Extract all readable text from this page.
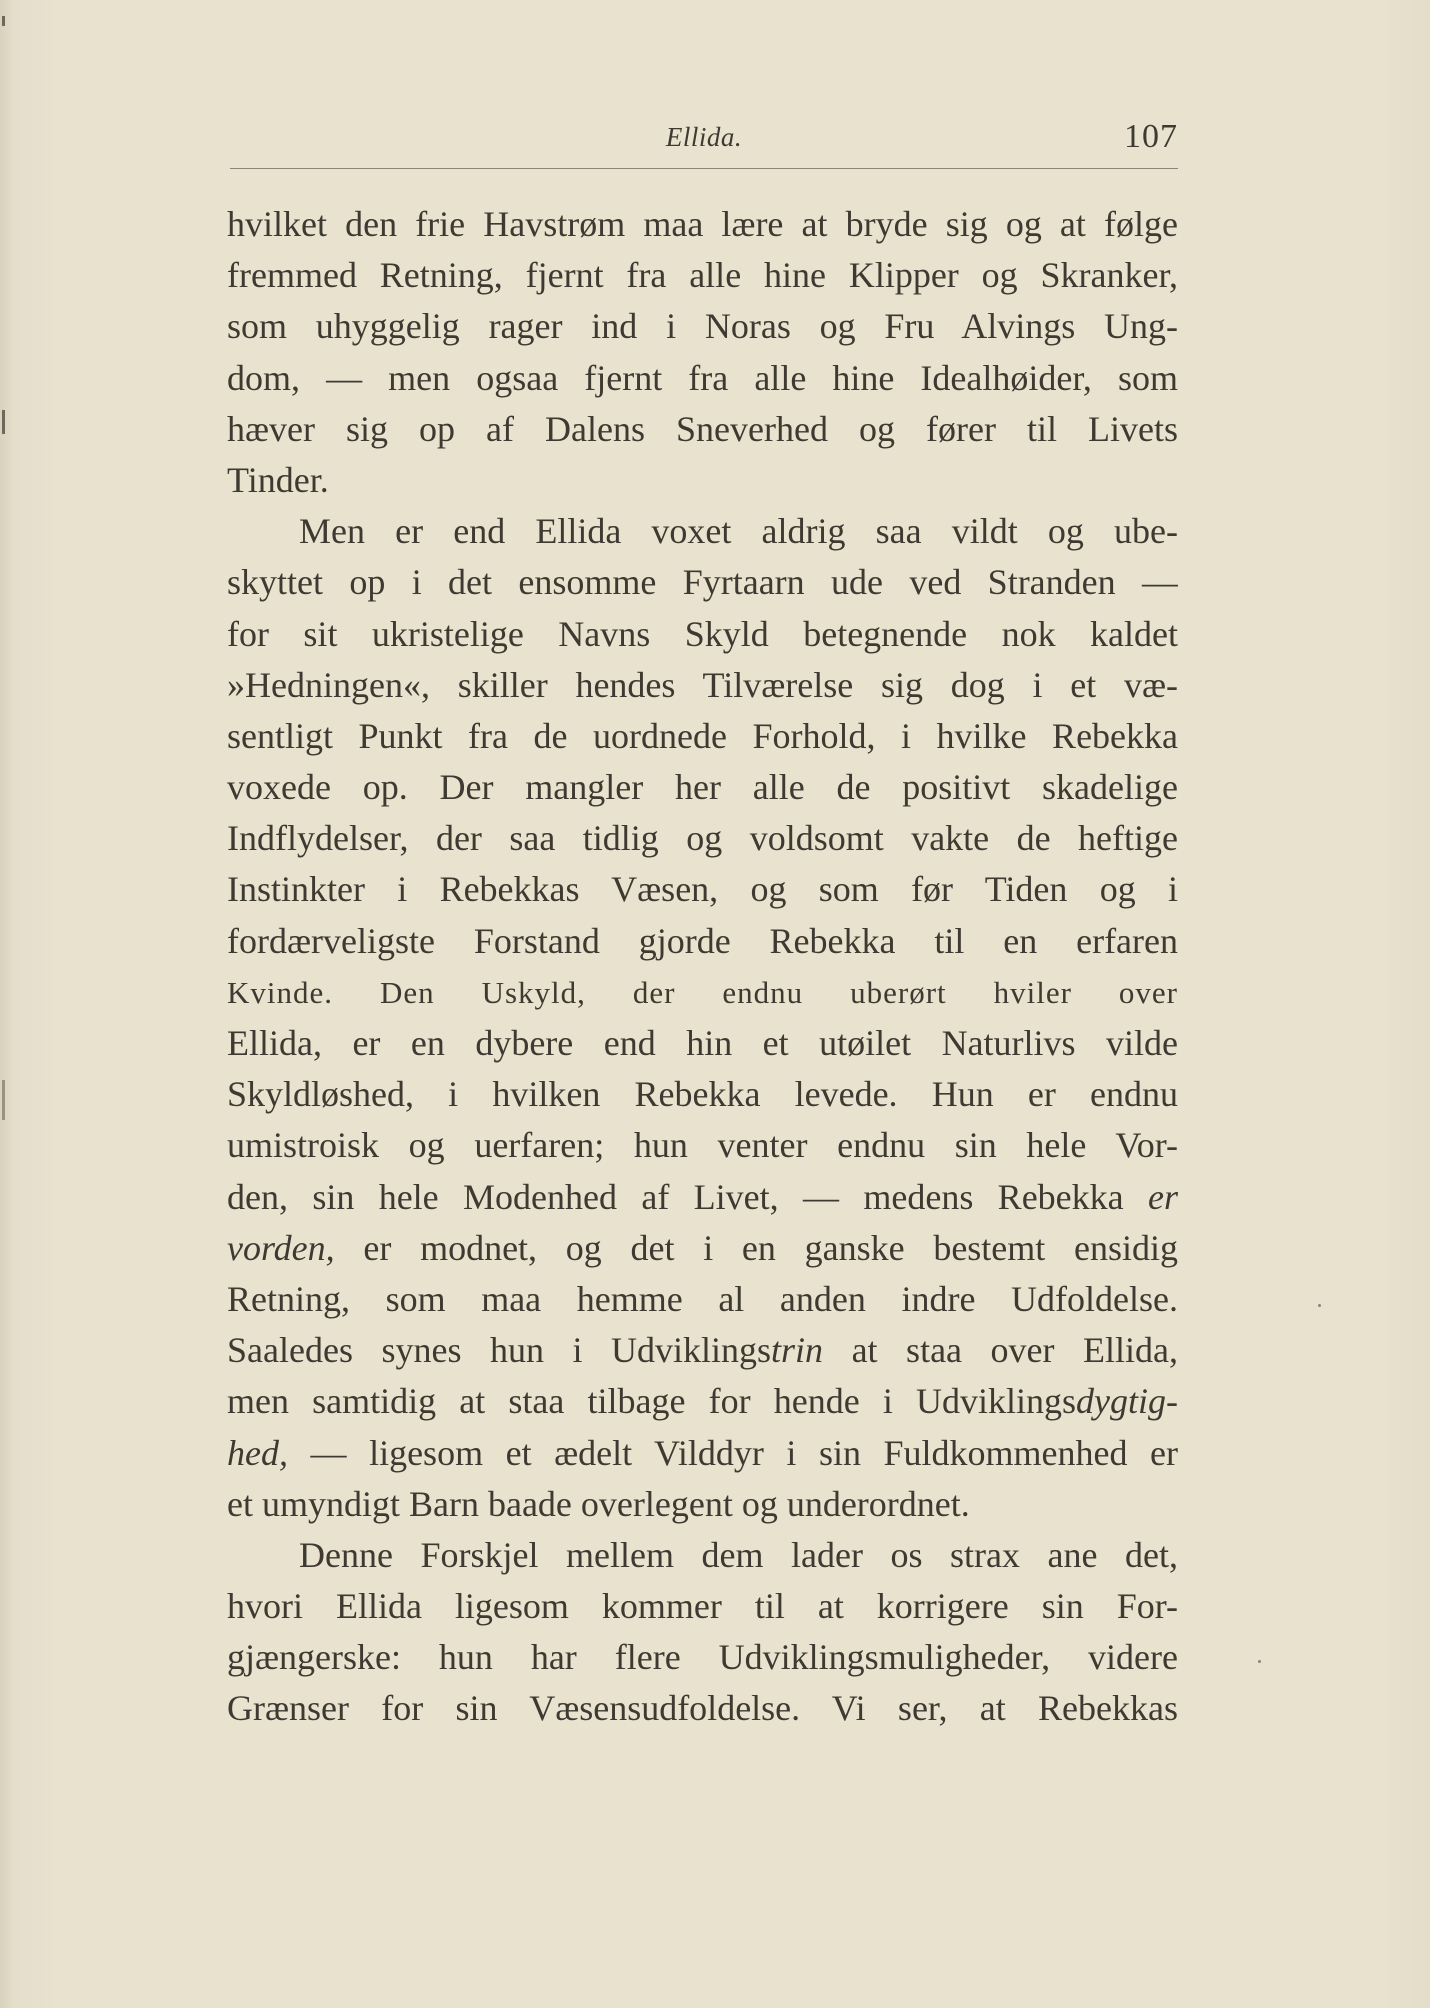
Ellida.	107
hvilket den frie Havstrøm maa lære at bryde sig og at følge
fremmed Retning, fjernt fra alle hine Klipper og Skranker,
som uhyggelig rager ind i Noras og Fru Alvings Ung-
dom, — men ogsaa fjernt fra alle hine Idealhøider, som
hæver sig op af Dalens Sneverhed og fører til Livets
Tinder.
Men er end Ellida voxet aldrig saa vildt og ube-
skyttet op i det ensomme Fyrtaarn ude ved Stranden —
for sit ukristelige Navns Skyld betegnende nok kaldet
»Hedningen«, skiller hendes Tilværelse sig dog i et væ-
sentligt Punkt fra de uordnede Forhold, i hvilke Rebekka
voxede op. Der mangler her alle de positivt skadelige
Indflydelser, der saa tidlig og voldsomt vakte de heftige
Instinkter i Rebekkas Væsen, og som før Tiden og i
fordærveligste Forstand gjorde Rebekka til en erfaren
Kvinde. Den Uskyld, der endnu uberørt hviler over
Ellida, er en dybere end hin et utøilet Naturlivs vilde
Skyldløshed, i hvilken Rebekka levede. Hun er endnu
umistroisk og uerfaren; hun venter endnu sin hele Vor-
den, sin hele Modenhed af Livet, — medens Rebekka er
vorden, er modnet, og det i en ganske bestemt ensidig
Retning, som maa hemme al anden indre Udfoldelse.
Saaledes synes hun i Udviklingstrin at staa over Ellida,
men samtidig at staa tilbage for hende i Udviklingsdygtig-
hed, — ligesom et ædelt Vilddyr i sin Fuldkommenhed er
et umyndigt Barn baade overlegent og underordnet.
Denne Forskjel mellem dem lader os strax ane det,
hvori Ellida ligesom kommer til at korrigere sin For-
gjængerske: hun har flere Udviklingsmuligheder, videre
Grænser for sin Væsensudfoldelse. Vi ser, at Rebekkas
